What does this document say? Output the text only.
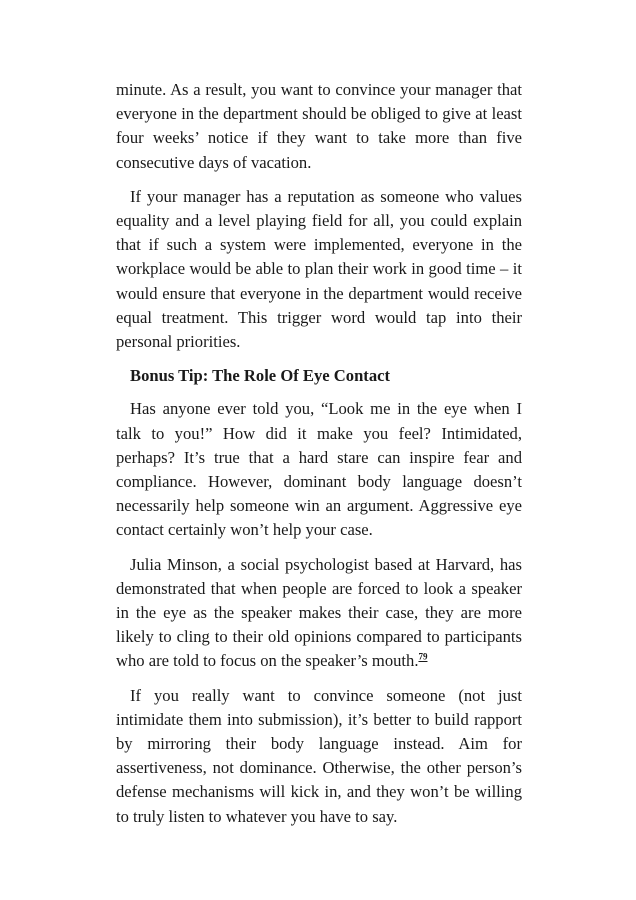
minute. As a result, you want to convince your manager that everyone in the department should be obliged to give at least four weeks’ notice if they want to take more than five consecutive days of vacation.

If your manager has a reputation as someone who values equality and a level playing field for all, you could explain that if such a system were implemented, everyone in the workplace would be able to plan their work in good time – it would ensure that everyone in the department would receive equal treatment. This trigger word would tap into their personal priorities.

Bonus Tip: The Role Of Eye Contact

Has anyone ever told you, “Look me in the eye when I talk to you!” How did it make you feel? Intimidated, perhaps? It’s true that a hard stare can inspire fear and compliance. However, dominant body language doesn’t necessarily help someone win an argument. Aggressive eye contact certainly won’t help your case.

Julia Minson, a social psychologist based at Harvard, has demonstrated that when people are forced to look a speaker in the eye as the speaker makes their case, they are more likely to cling to their old opinions compared to participants who are told to focus on the speaker’s mouth.$^{79}$

If you really want to convince someone (not just intimidate them into submission), it’s better to build rapport by mirroring their body language instead. Aim for assertiveness, not dominance. Otherwise, the other person’s defense mechanisms will kick in, and they won’t be willing to truly listen to whatever you have to say.
